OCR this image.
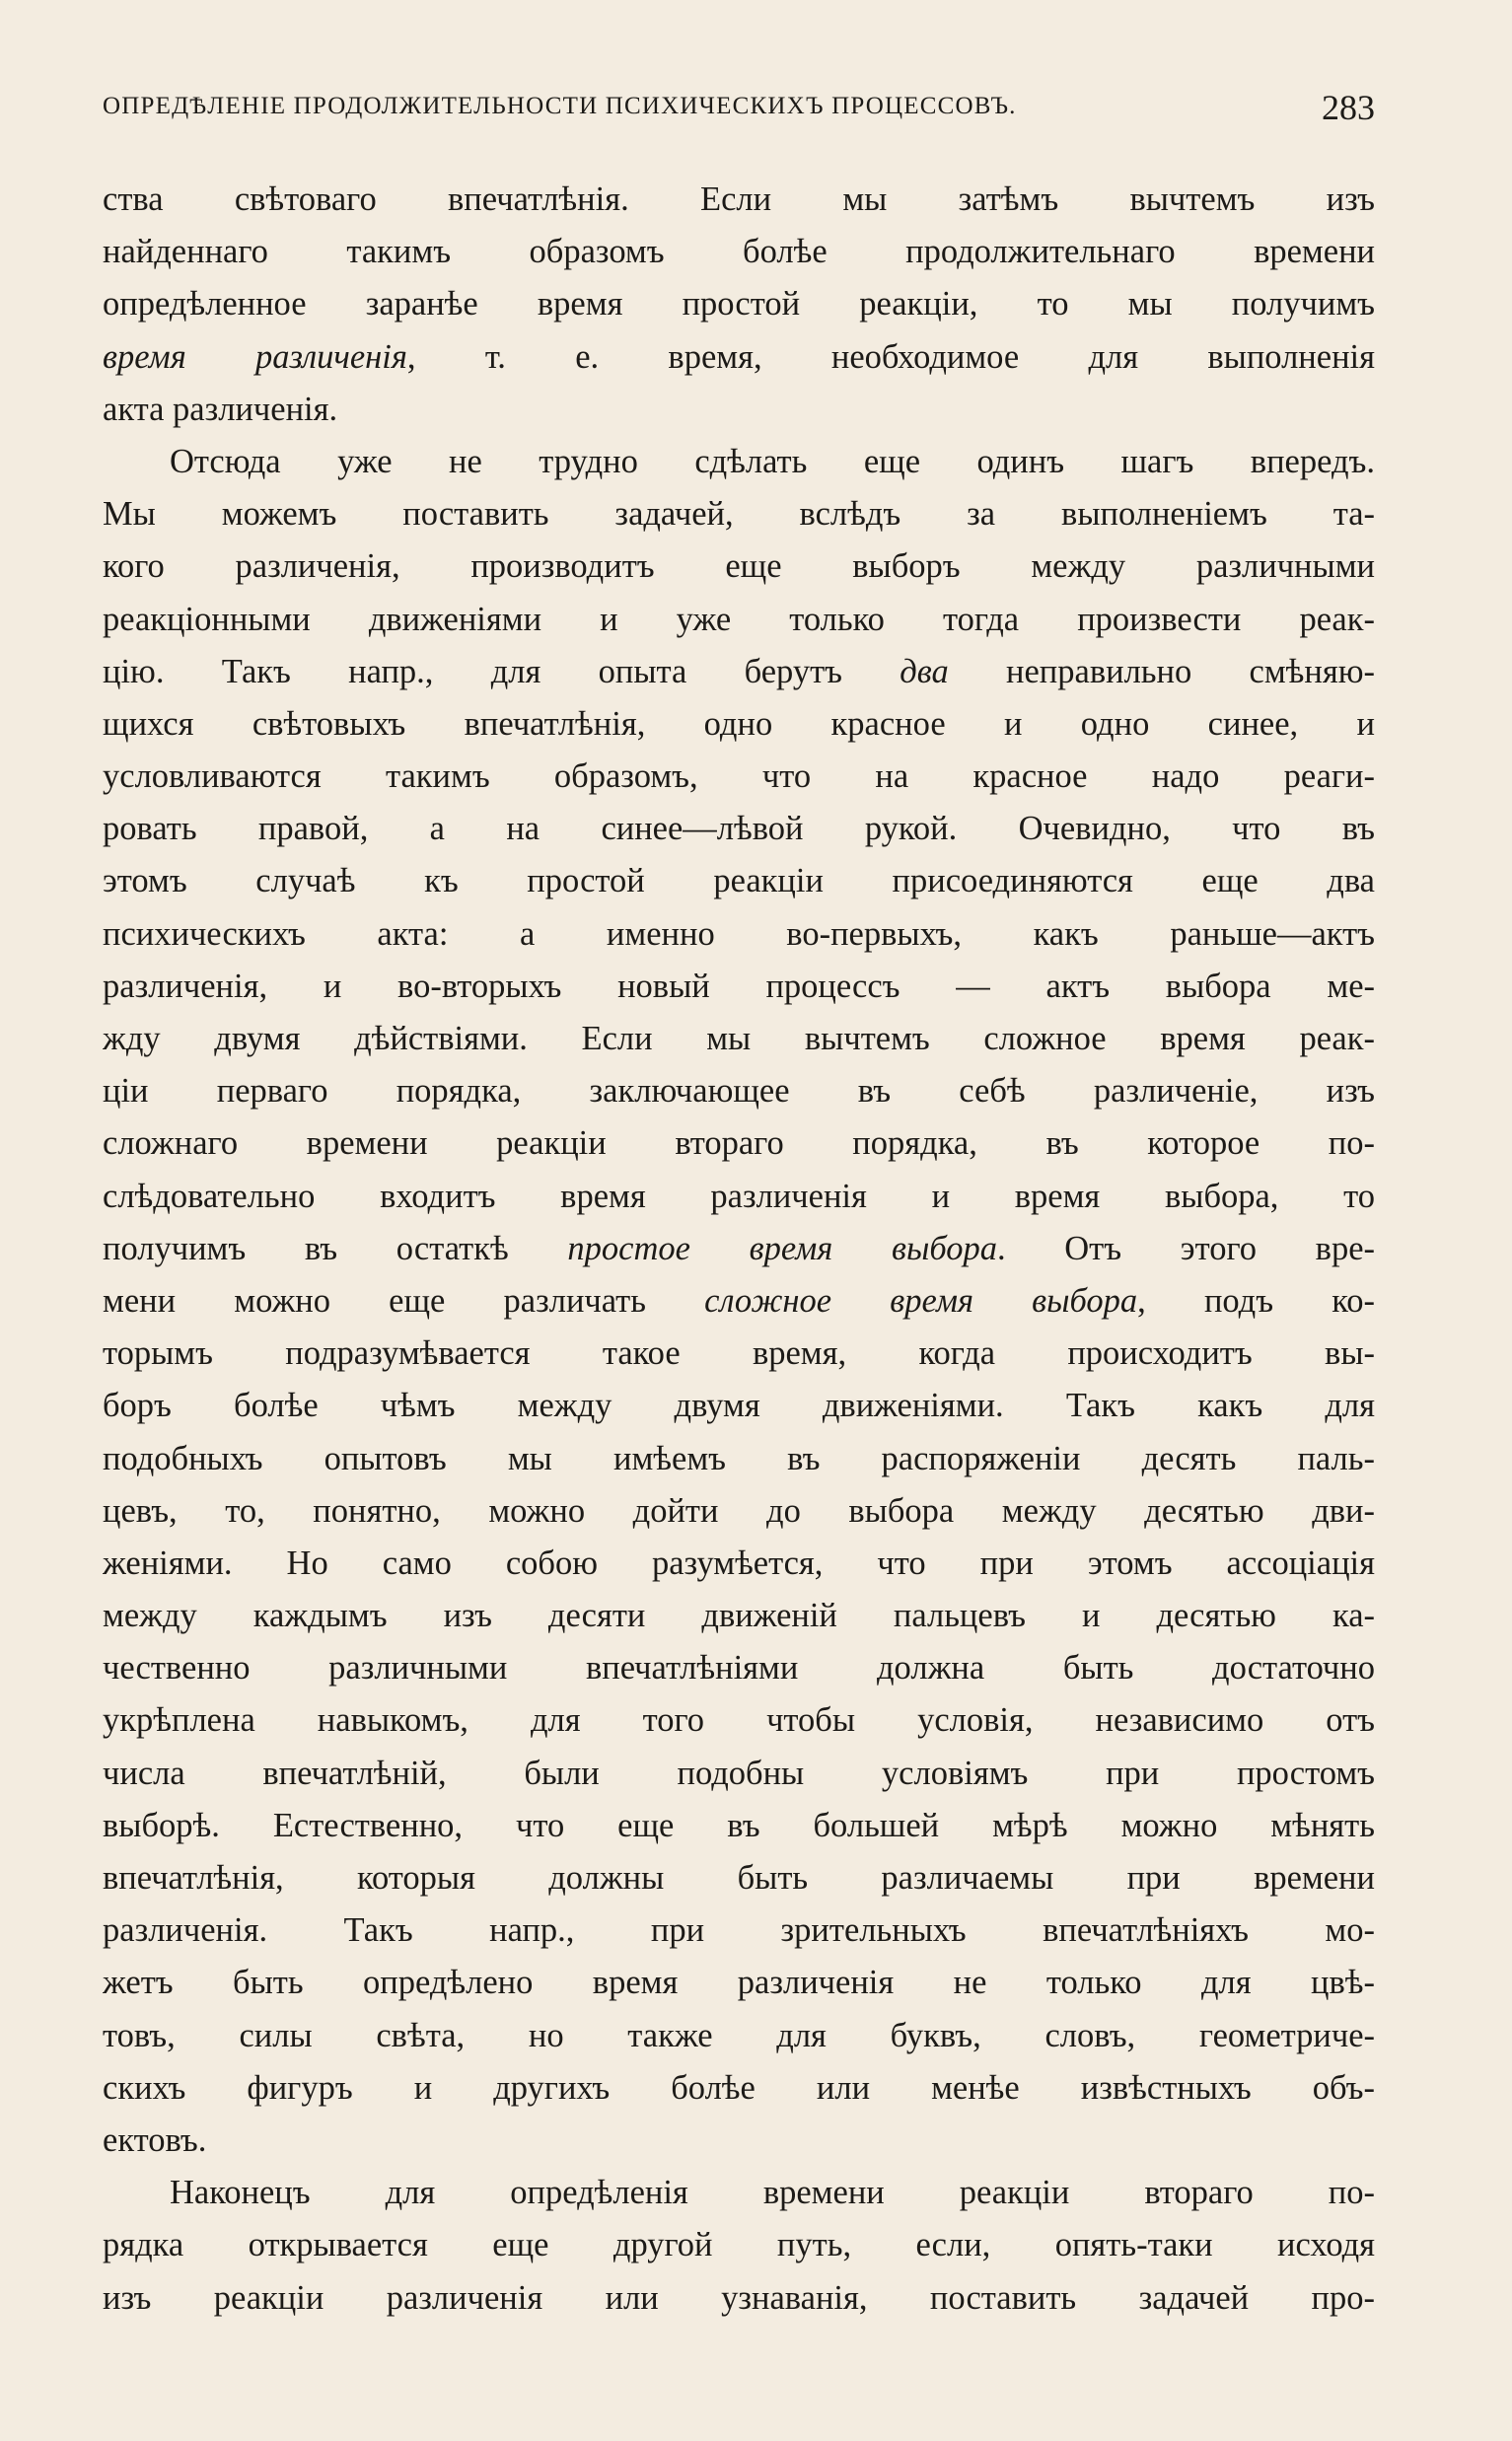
ОПРЕДѢЛЕНІЕ ПРОДОЛЖИТЕЛЬНОСТИ ПСИХИЧЕСКИХЪ ПРОЦЕССОВЪ.	283
ства свѣтоваго впечатлѣнія. Если мы затѣмъ вычтемъ изъ
найденнаго такимъ образомъ болѣе продолжительнаго времени
опредѣленное заранѣе время простой реакціи, то мы получимъ
время различенія, т. е. время, необходимое для выполненія
акта различенія.
Отсюда уже не трудно сдѣлать еще одинъ шагъ впередъ.
Мы можемъ поставить задачей, вслѣдъ за выполненіемъ та-
кого различенія, производитъ еще выборъ между различными
реакціонными движеніями и уже только тогда произвести реак-
цію. Такъ напр., для опыта берутъ два неправильно смѣняю-
щихся свѣтовыхъ впечатлѣнія, одно красное и одно синее, и
условливаются такимъ образомъ, что на красное надо реаги-
ровать правой, а на синее—лѣвой рукой. Очевидно, что въ
этомъ случаѣ къ простой реакціи присоединяются еще два
психическихъ акта: а именно во-первыхъ, какъ раньше—актъ
различенія, и во-вторыхъ новый процессъ — актъ выбора ме-
жду двумя дѣйствіями. Если мы вычтемъ сложное время реак-
ціи перваго порядка, заключающее въ себѣ различеніе, изъ
сложнаго времени реакціи втораго порядка, въ которое по-
слѣдовательно входитъ время различенія и время выбора, то
получимъ въ остаткѣ простое время выбора. Отъ этого вре-
мени можно еще различать сложное время выбора, подъ ко-
торымъ подразумѣвается такое время, когда происходитъ вы-
боръ болѣе чѣмъ между двумя движеніями. Такъ какъ для
подобныхъ опытовъ мы имѣемъ въ распоряженіи десять паль-
цевъ, то, понятно, можно дойти до выбора между десятью дви-
женіями. Но само собою разумѣется, что при этомъ ассоціація
между каждымъ изъ десяти движеній пальцевъ и десятью ка-
чественно различными впечатлѣніями должна быть достаточно
укрѣплена навыкомъ, для того чтобы условія, независимо отъ
числа впечатлѣній, были подобны условіямъ при простомъ
выборѣ. Естественно, что еще въ большей мѣрѣ можно мѣнять
впечатлѣнія, которыя должны быть различаемы при времени
различенія. Такъ напр., при зрительныхъ впечатлѣніяхъ мо-
жетъ быть опредѣлено время различенія не только для цвѣ-
товъ, силы свѣта, но также для буквъ, словъ, геометриче-
скихъ фигуръ и другихъ болѣе или менѣе извѣстныхъ объ-
ектовъ.
Наконецъ для опредѣленія времени реакціи втораго по-
рядка открывается еще другой путь, если, опять-таки исходя
изъ реакціи различенія или узнаванія, поставить задачей про-
